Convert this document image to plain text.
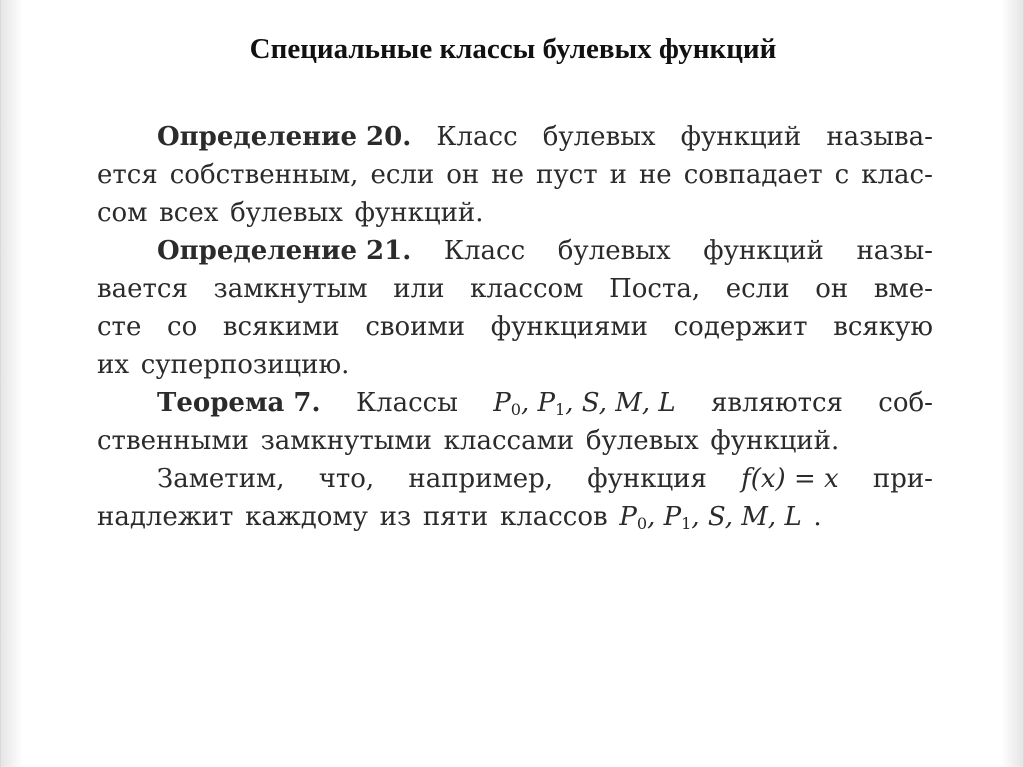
Специальные классы булевых функций
Определение 20. Класс булевых функций называ-
ется собственным, если он не пуст и не совпадает с клас-
сом всех булевых функций.
Определение 21. Класс булевых функций назы-
вается замкнутым или классом Поста, если он вме-
сте со всякими своими функциями содержит всякую
их суперпозицию.
Теорема 7. Классы $P_0$, $P_1$, S, M, L являются соб-
ственными замкнутыми классами булевых функций.
Заметим, что, например, функция f(x) = x при-
надлежит каждому из пяти классов $P_0$, $P_1$, S, M, L .
